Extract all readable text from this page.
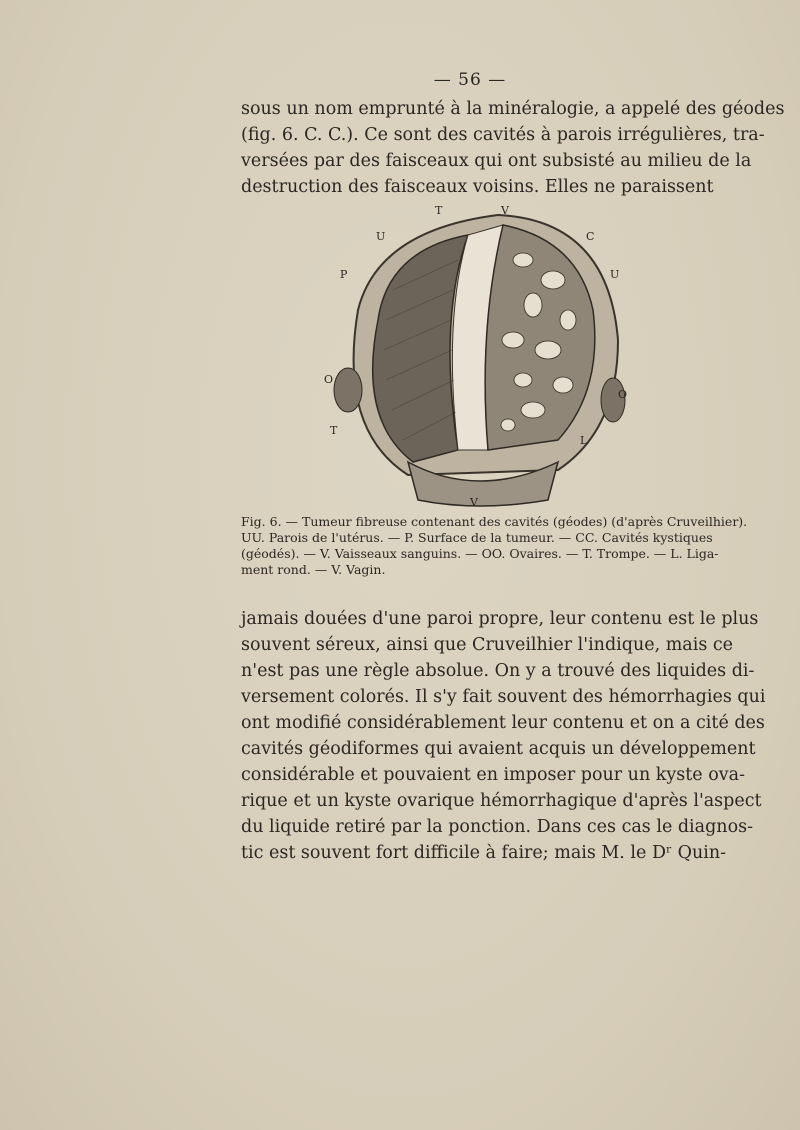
— 56 —
sous un nom emprunté à la minéralogie, a appelé des géodes
(fig. 6. C. C.). Ce sont des cavités à parois irrégulières, tra-
versées par des faisceaux qui ont subsisté au milieu de la
destruction des faisceaux voisins. Elles ne paraissent
T	V
U	C
P	U
O
O
T
L
V
Fig. 6. — Tumeur fibreuse contenant des cavités (géodes) (d'après Cruveilhier).
UU. Parois de l'utérus. — P. Surface de la tumeur. — CC. Cavités kystiques
(géodés). — V. Vaisseaux sanguins. — OO. Ovaires. — T. Trompe. — L. Liga-
ment rond. — V. Vagin.
jamais douées d'une paroi propre, leur contenu est le plus
souvent séreux, ainsi que Cruveilhier l'indique, mais ce
n'est pas une règle absolue. On y a trouvé des liquides di-
versement colorés. Il s'y fait souvent des hémorrhagies qui
ont modifié considérablement leur contenu et on a cité des
cavités géodiformes qui avaient acquis un développement
considérable et pouvaient en imposer pour un kyste ova-
rique et un kyste ovarique hémorrhagique d'après l'aspect
du liquide retiré par la ponction. Dans ces cas le diagnos-
tic est souvent fort difficile à faire; mais M. le Dʳ Quin-
